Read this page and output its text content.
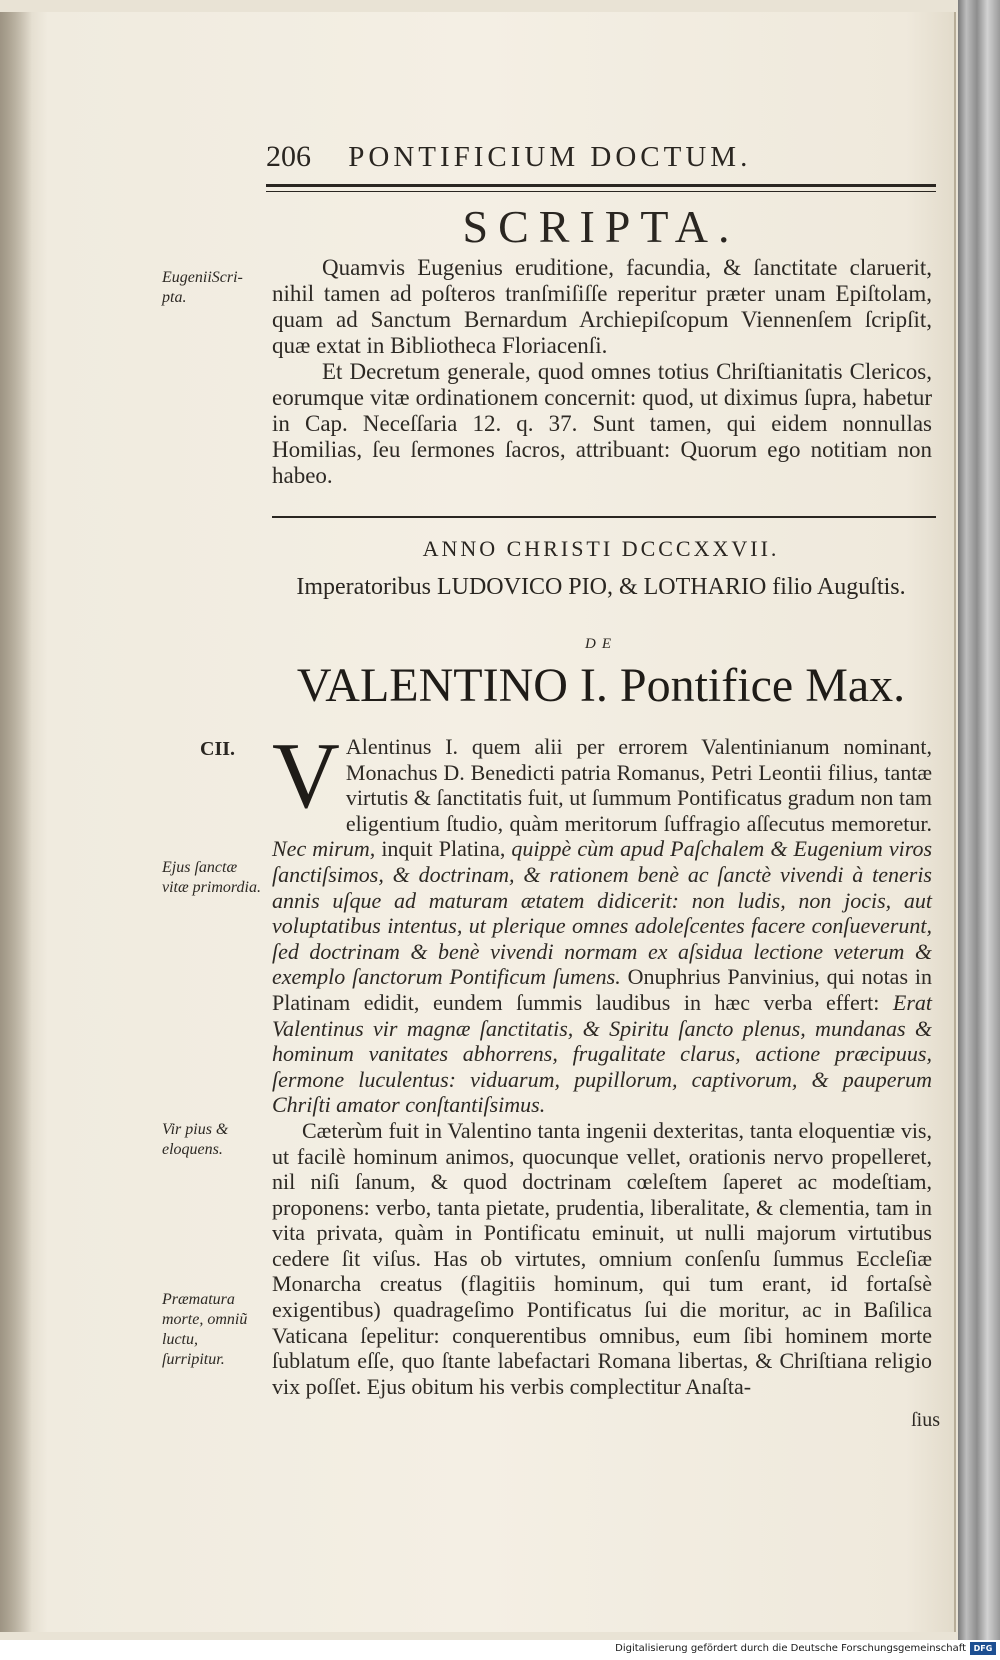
206 PONTIFICIUM DOCTUM.
SCRIPTA.
EugeniiScri- pta.

Quamvis Eugenius eruditione, facundia, & ſanctitate claruerit, nihil tamen ad poſteros tranſmiſiſſe reperitur præter unam Epiſtolam, quam ad Sanctum Bernardum Archiepiſcopum Viennenſem ſcripſit, quæ extat in Bibliotheca Floriacenſi.

Et Decretum generale, quod omnes totius Chriſtianitatis Clericos, eorumque vitæ ordinationem concernit: quod, ut diximus ſupra, habetur in Cap. Neceſſaria 12. q. 37. Sunt tamen, qui eidem nonnullas Homilias, ſeu ſermones ſacros, attribuant: Quorum ego notitiam non habeo.

ANNO CHRISTI DCCCXXVII.
Imperatoribus LUDOVICO PIO, & LOTHARIO filio Auguſtis.
DE
VALENTINO I. Pontifice Max.
CII.
Ejus ſanctæ vitæ primordia.
Vir pius & eloquens.
Præmatura morte, omniũ luctu, ſurripitur.
V Alentinus I. quem alii per errorem Valentinianum nominant, Monachus D. Benedicti patria Romanus, Petri Leontii filius, tantæ virtutis & ſanctitatis fuit, ut ſummum Pontificatus gradum non tam eligentium ſtudio, quàm meritorum ſuffragio aſſecutus memoretur. Nec mirum, inquit Platina, quippè cùm apud Paſchalem & Eugenium viros ſanctiſsimos, & doctrinam, & rationem benè ac ſanctè vivendi à teneris annis uſque ad maturam ætatem didicerit: non ludis, non jocis, aut voluptatibus intentus, ut plerique omnes adoleſcentes facere conſueverunt, ſed doctrinam & benè vivendi normam ex aſsidua lectione veterum & exemplo ſanctorum Pontificum ſumens. Onuphrius Panvinius, qui notas in Platinam edidit, eundem ſummis laudibus in hæc verba effert: Erat Valentinus vir magnæ ſanctitatis, & Spiritu ſancto plenus, mundanas & hominum vanitates abhorrens, frugalitate clarus, actione præcipuus, ſermone luculentus: viduarum, pupillorum, captivorum, & pauperum Chriſti amator conſtantiſsimus.
Cæterùm fuit in Valentino tanta ingenii dexteritas, tanta eloquentiæ vis, ut facilè hominum animos, quocunque vellet, orationis nervo propelleret, nil niſi ſanum, & quod doctrinam cœleſtem ſaperet ac modeſtiam, proponens: verbo, tanta pietate, prudentia, liberalitate, & clementia, tam in vita privata, quàm in Pontificatu eminuit, ut nulli majorum virtutibus cedere ſit viſus. Has ob virtutes, omnium conſenſu ſummus Eccleſiæ Monarcha creatus (flagitiis hominum, qui tum erant, id fortaſsè exigentibus) quadrageſimo Pontificatus ſui die moritur, ac in Baſilica Vaticana ſepelitur: conquerentibus omnibus, eum ſibi hominem morte ſublatum eſſe, quo ſtante labefactari Romana libertas, & Chriſtiana religio vix poſſet. Ejus obitum his verbis complectitur Anaſta-
ſius
Digitalisierung gefördert durch die Deutsche Forschungsgemeinschaft DFG
